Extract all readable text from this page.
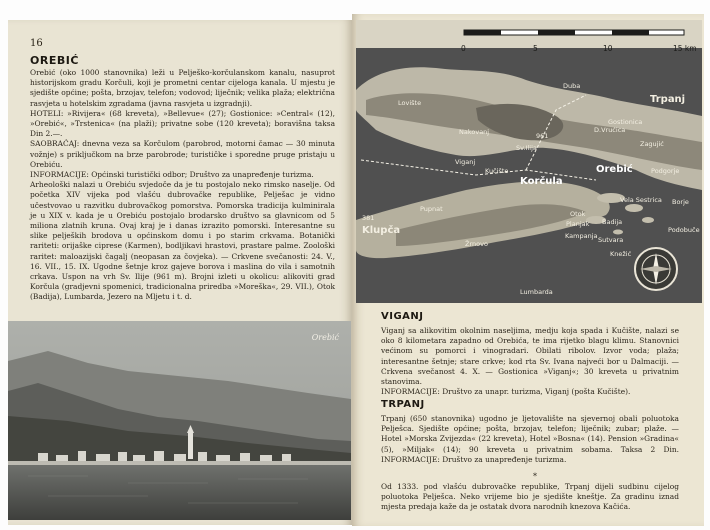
16
OREBIĆ

Orebić (oko 1000 stanovnika) leži u Pelješko-korčulanskom kanalu, nasuprot historijskom gradu Korčuli, koji je prometni centar cijeloga kanala. U mjestu je sjedište općine; pošta, brzojav, telefon; vodovod; liječnik; velika plaža; električna rasvjeta u hotelskim zgradama (javna rasvjeta u izgradnji).

HOTELI: »Rivijera« (68 kreveta), »Bellevue« (27); Gostionice: »Central« (12), »Orebić«, »Trstenica« (na plaži); privatne sobe (120 kreveta); boravišna taksa Din 2.—.

SAOBRAĆAJ: dnevna veza sa Korčulom (parobrod, motorni čamac — 30 minuta vožnje) s priključkom na brze parobrode; turističke i sporedne pruge pristaju u Orebiću.

INFORMACIJE: Općinski turistički odbor; Društvo za unapređenje turizma.

Arheološki nalazi u Orebiću svjedoče da je tu postojalo neko rimsko naselje. Od početka XIV vijeka pod vlašću dubrovačke republike, Pelješac je vidno učestvovao u razvitku dubrovačkog pomorstva. Pomorska tradicija kulminirala je u XIX v. kada je u Orebiću postojalo brodarsko društvo sa glavnicom od 5 miliona zlatnih kruna. Ovaj kraj je i danas izrazito pomorski. Interesantne su slike peljeških brodova u općinskom domu i po starim crkvama. Botanički rariteti: orijaške ciprese (Karmen), bodljikavi hrastovi, prastare palme. Zoološki raritet: maloazijski čagalj (neopasan za čovjeka). — Crkvene svečanosti: 24. V., 16. VII., 15. IX. Ugodne šetnje kroz gajeve borova i maslina do vila i samotnih crkava. Uspon na vrh Sv. Ilije (961 m). Brojni izleti u okolicu: alikoviti grad Korčula (gradjevni spomenici, tradicionalna priredba »Moreška«, 29. VII.), Otok (Badija), Lumbarda, Jezero na Mljetu i t. d.

Orebić
0	5	10	15 km
Duba
Trpanj
Lovište
Gostionica
Nakovanj	D.Vrućica
Zagujić
Viganj
Sv.Ilija
Kučište
Korčula
Orebić	Podgorje
Borje
Pupnat
Žrnovo
Otok
Planjak
Kampanja
Badija
Sutvara
Knežić
Vela Sestrica
Klupča
Lumbarda
Podobuče
381
961
VIGANJ

Viganj sa alikovitim okolnim naseljima, medju koja spada i Kučište, nalazi se oko 8 kilometara zapadno od Orebića, te ima rijetko blagu klimu. Stanovnici većinom su pomorci i vinogradari. Obilati ribolov. Izvor voda; plaža; interesantne šetnje; stare crkve; kod rta Sv. Ivana najveći bor u Dalmaciji. — Crkvena svečanost 4. X. — Gostionica »Viganj«; 30 kreveta u privatnim stanovima.

INFORMACIJE: Društvo za unapr. turizma, Viganj (pošta Kučište).

TRPANJ

Trpanj (650 stanovnika) ugodno je ljetovalište na sjevernoj obali poluotoka Pelješca. Sjedište općine; pošta, brzojav, telefon; liječnik; zubar; plaže. — Hotel »Morska Zvijezda« (22 kreveta), Hotel »Bosna« (14). Pension »Gradina« (5), »Miljak« (14); 90 kreveta u privatnim sobama. Taksa 2 Din. INFORMACIJE: Društvo za unapređenje turizma.

*

Od 1333. pod vlašću dubrovačke republike, Trpanj dijeli sudbinu cijelog poluotoka Pelješca. Neko vrijeme bio je sjedište kneštje. Za gradinu iznad mjesta predaja kaže da je ostatak dvora narodnih knezova Kačića.
